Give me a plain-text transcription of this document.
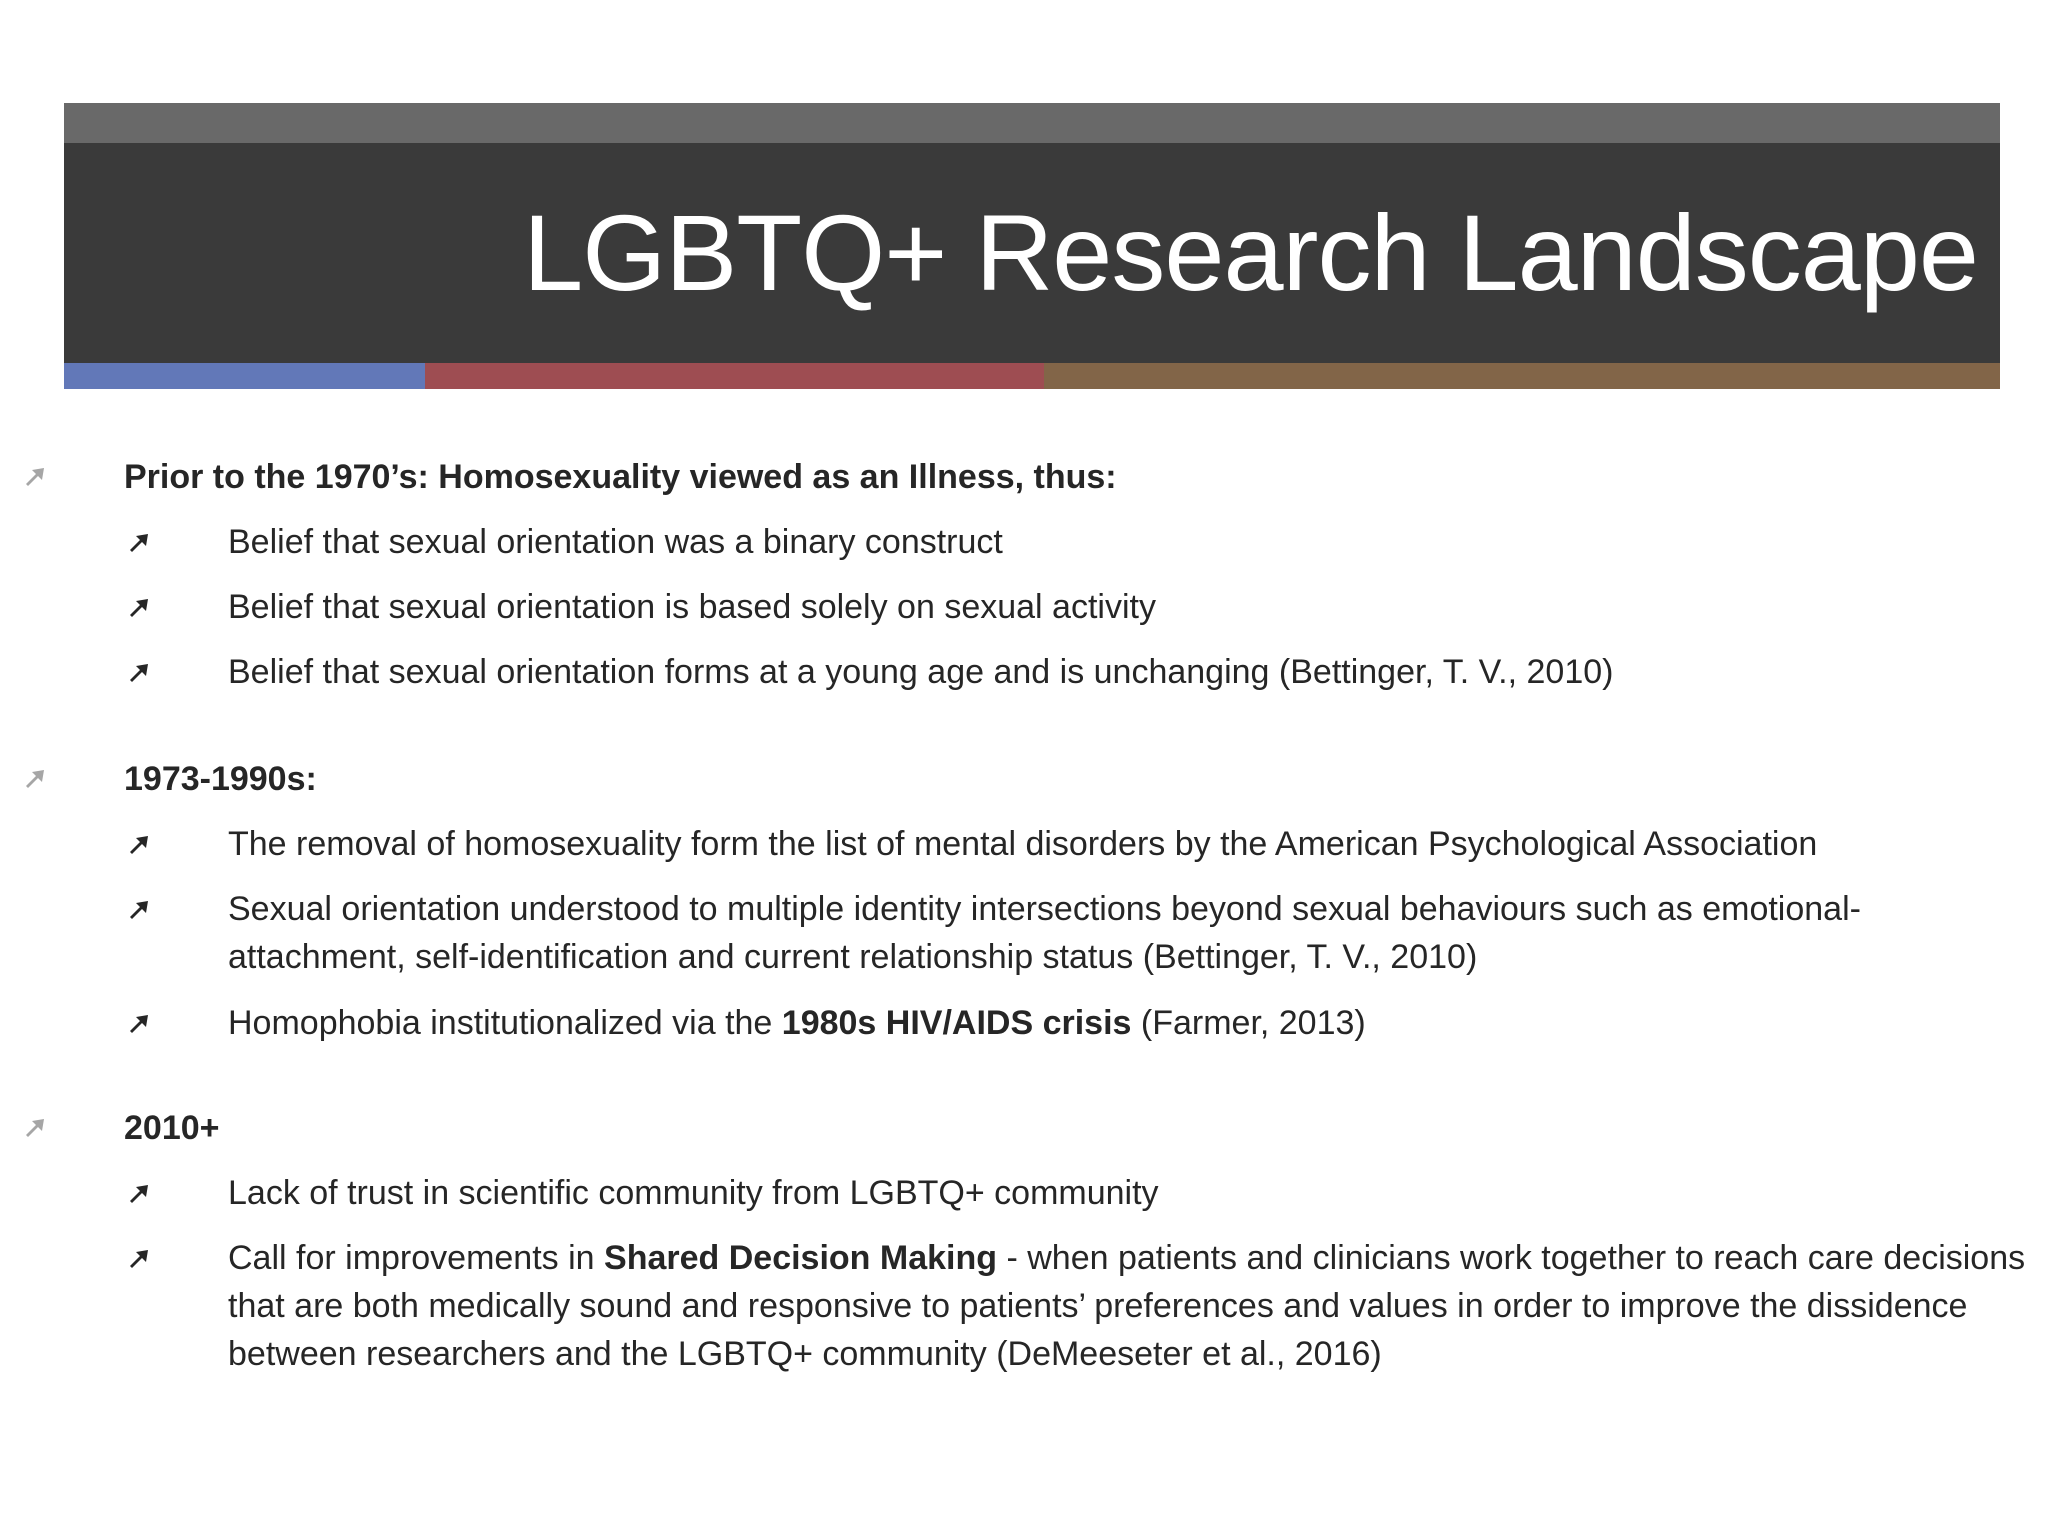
LGBTQ+ Research Landscape
Prior to the 1970’s: Homosexuality viewed as an Illness, thus:
Belief that sexual orientation was a binary construct
Belief that sexual orientation is based solely on sexual activity
Belief that sexual orientation forms at a young age and is unchanging (Bettinger, T. V., 2010)
1973-1990s:
The removal of homosexuality form the list of mental disorders by the American Psychological Association
Sexual orientation understood to multiple identity intersections beyond sexual behaviours such as emotional-attachment, self-identification and current relationship status (Bettinger, T. V., 2010)
Homophobia institutionalized via the 1980s HIV/AIDS crisis (Farmer, 2013)
2010+
Lack of trust in scientific community from LGBTQ+ community
Call for improvements in Shared Decision Making - when patients and clinicians work together to reach care decisions that are both medically sound and responsive to patients’ preferences and values in order to improve the dissidence between researchers and the LGBTQ+ community (DeMeeseter et al., 2016)
